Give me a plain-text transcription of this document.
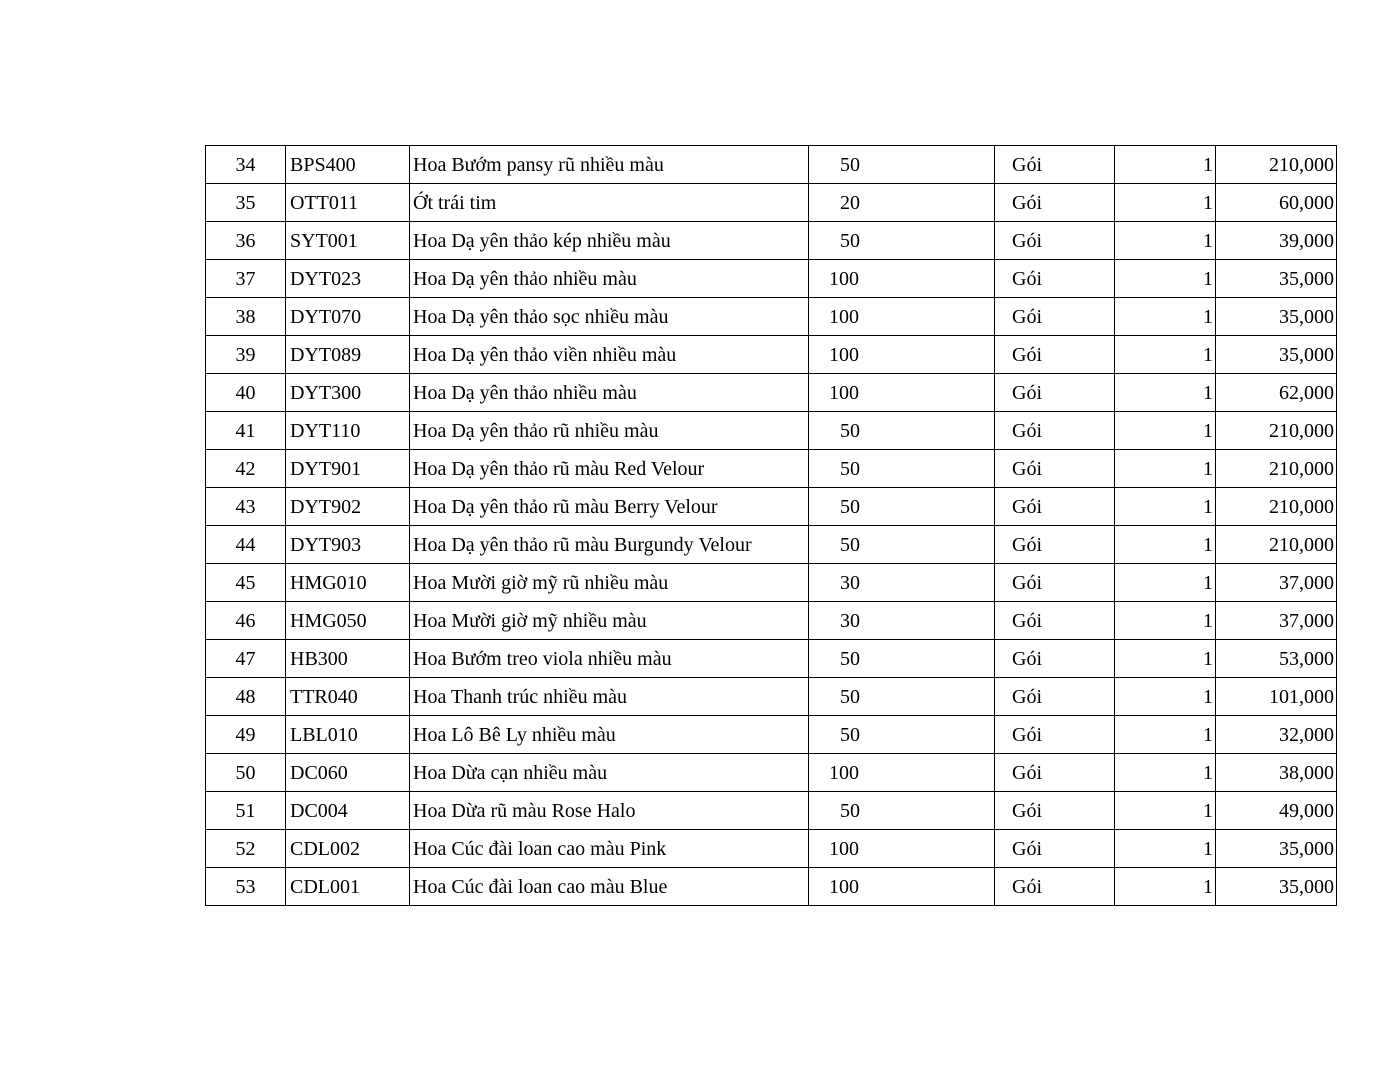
34	BPS400	Hoa Bướm pansy rũ nhiều màu	50	Gói	1	210,000
35	OTT011	Ớt trái tim	20	Gói	1	60,000
36	SYT001	Hoa Dạ yên thảo kép nhiều màu	50	Gói	1	39,000
37	DYT023	Hoa Dạ yên thảo nhiều màu	100	Gói	1	35,000
38	DYT070	Hoa Dạ yên thảo sọc nhiều màu	100	Gói	1	35,000
39	DYT089	Hoa Dạ yên thảo viền nhiều màu	100	Gói	1	35,000
40	DYT300	Hoa Dạ yên thảo nhiều màu	100	Gói	1	62,000
41	DYT110	Hoa Dạ yên thảo rũ nhiều màu	50	Gói	1	210,000
42	DYT901	Hoa Dạ yên thảo rũ màu Red Velour	50	Gói	1	210,000
43	DYT902	Hoa Dạ yên thảo rũ màu Berry Velour	50	Gói	1	210,000
44	DYT903	Hoa Dạ yên thảo rũ màu Burgundy Velour	50	Gói	1	210,000
45	HMG010	Hoa Mười giờ mỹ rũ nhiều màu	30	Gói	1	37,000
46	HMG050	Hoa Mười giờ mỹ nhiều màu	30	Gói	1	37,000
47	HB300	Hoa Bướm treo viola nhiều màu	50	Gói	1	53,000
48	TTR040	Hoa Thanh trúc nhiều màu	50	Gói	1	101,000
49	LBL010	Hoa Lô Bê Ly nhiều màu	50	Gói	1	32,000
50	DC060	Hoa Dừa cạn nhiều màu	100	Gói	1	38,000
51	DC004	Hoa Dừa rũ màu Rose Halo	50	Gói	1	49,000
52	CDL002	Hoa Cúc đài loan cao màu Pink	100	Gói	1	35,000
53	CDL001	Hoa Cúc đài loan cao màu Blue	100	Gói	1	35,000
